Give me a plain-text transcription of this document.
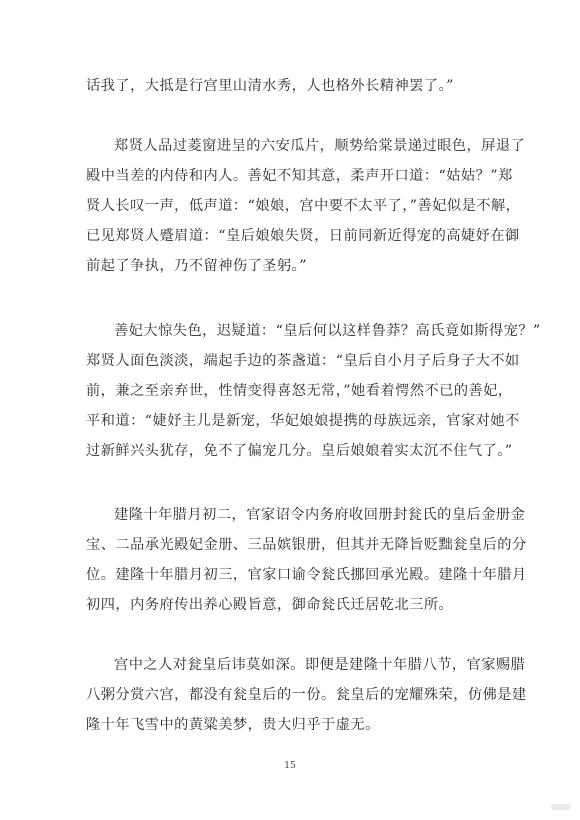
话我了，大抵是行宫里山清水秀，人也格外长精神罢了。”
郑贤人品过菱窗进呈的六安瓜片，顺势给棠景递过眼色，屏退了
殿中当差的内侍和内人。善妃不知其意，柔声开口道：“姑姑？”郑
贤人长叹一声，低声道：“娘娘，宫中要不太平了，”善妃似是不解，
已见郑贤人蹙眉道：“皇后娘娘失贤，日前同新近得宠的高婕妤在御
前起了争执，乃不留神伤了圣躬。”
善妃大惊失色，迟疑道：“皇后何以这样鲁莽？高氏竟如斯得宠？”
郑贤人面色淡淡，端起手边的茶盏道：“皇后自小月子后身子大不如
前，兼之至亲弃世，性情变得喜怒无常，”她看着愕然不已的善妃，
平和道：“婕妤主儿是新宠，华妃娘娘提携的母族远亲，官家对她不
过新鲜兴头犹存，免不了偏宠几分。皇后娘娘着实太沉不住气了。”
建隆十年腊月初二，官家诏令内务府收回册封瓮氏的皇后金册金
宝、二品承光殿妃金册、三品嫔银册，但其并无降旨贬黜瓮皇后的分
位。建隆十年腊月初三，官家口谕令瓮氏挪回承光殿。建隆十年腊月
初四，内务府传出养心殿旨意，御命瓮氏迁居乾北三所。
宫中之人对瓮皇后讳莫如深。即便是建隆十年腊八节，官家赐腊
八粥分赏六宫，都没有瓮皇后的一份。瓮皇后的宠耀殊荣，仿佛是建
隆十年飞雪中的黄粱美梦，贵大归乎于虚无。
15
